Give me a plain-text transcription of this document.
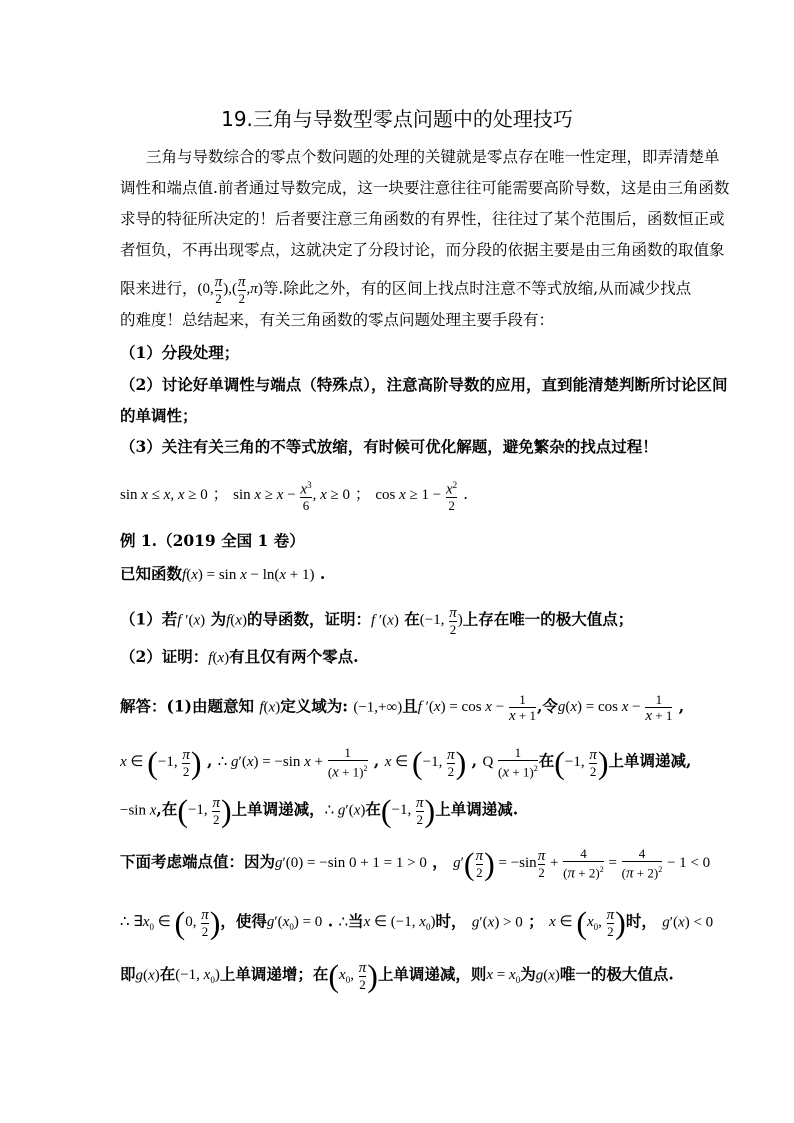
19.三角与导数型零点问题中的处理技巧
三角与导数综合的零点个数问题的处理的关键就是零点存在唯一性定理，即弄清楚单
调性和端点值.前者通过导数完成，这一块要注意往往可能需要高阶导数，这是由三角函数
求导的特征所决定的！后者要注意三角函数的有界性，往往过了某个范围后，函数恒正或
者恒负，不再出现零点，这就决定了分段讨论，而分段的依据主要是由三角函数的取值象
限来进行，(0, $\frac{\pi}{2}$ ),( $\frac{\pi}{2} ,\pi$)等.除此之外，有的区间上找点时注意不等式放缩,从而减少找点
的难度！总结起来，有关三角函数的零点问题处理主要手段有：
（1）分段处理；
（2）讨论好单调性与端点（特殊点），注意高阶导数的应用，直到能清楚判断所讨论区间
的单调性；
（3）关注有关三角的不等式放缩，有时候可优化解题，避免繁杂的找点过程！
sin x ≤ x, x ≥ 0 ； $\sin x \ge x - \frac{x^3}{6}$ , x ≥ 0 ； $\cos x \ge 1 - \frac{x^2}{2}$ .
例 1.（2019 全国 1 卷）
已知函数f(x) = sin x − ln(x + 1) .
（1）若f ′(x) 为f(x)的导函数，证明：f ′(x) 在(−1, $\frac{\pi}{2}$ )上存在唯一的极大值点；
（2）证明：f(x)有且仅有两个零点.
解答：(1)由题意知 f(x)定义域为: (−1,+∞)且f $'(x) = \cos x - \frac{1}{x + 1}$ ,令$g(x) = \cos x - \frac{1}{x + 1}$ ,
x ∈ (−1, $\frac{\pi}{2}$ ) , ∴ g′(x) = −sin $x + \frac{1}{(x + 1)^2}$ , x ∈ (−1, $\frac{\pi}{2}$ ) , Q $\frac{1}{(x + 1)^2}$ 在(−1, $\frac{\pi}{2}$ )上单调递减,
−sin x,在(−1, $\frac{\pi}{2}$ )上单调递减，∴ g′(x)在(−1, $\frac{\pi}{2}$ )上单调递减.
下面考虑端点值：因为g′(0) = −sin 0 + 1 = 1 > 0 ， $g'( \frac{\pi}{2}$ ) = $-\sin \frac{\pi}{2} + \frac{4}{(\pi + 2)^2} = \frac{4}{(\pi + 2)^2} - 1 < 0$
∴ $\exists x_0$ ∈ (0, $\frac{\pi}{2}$ )，使得$g'(x_0) = 0$ . ∴当x ∈ (−1, $x_0$)时， g′(x) > 0 ； x ∈ ($x_0$, $\frac{\pi}{2}$ )时， g′(x) < 0
即g(x)在(−1, $x_0$)上单调递增；在($x_0$, $\frac{\pi}{2}$ )上单调递减，则$x = x_0$为g(x)唯一的极大值点.
